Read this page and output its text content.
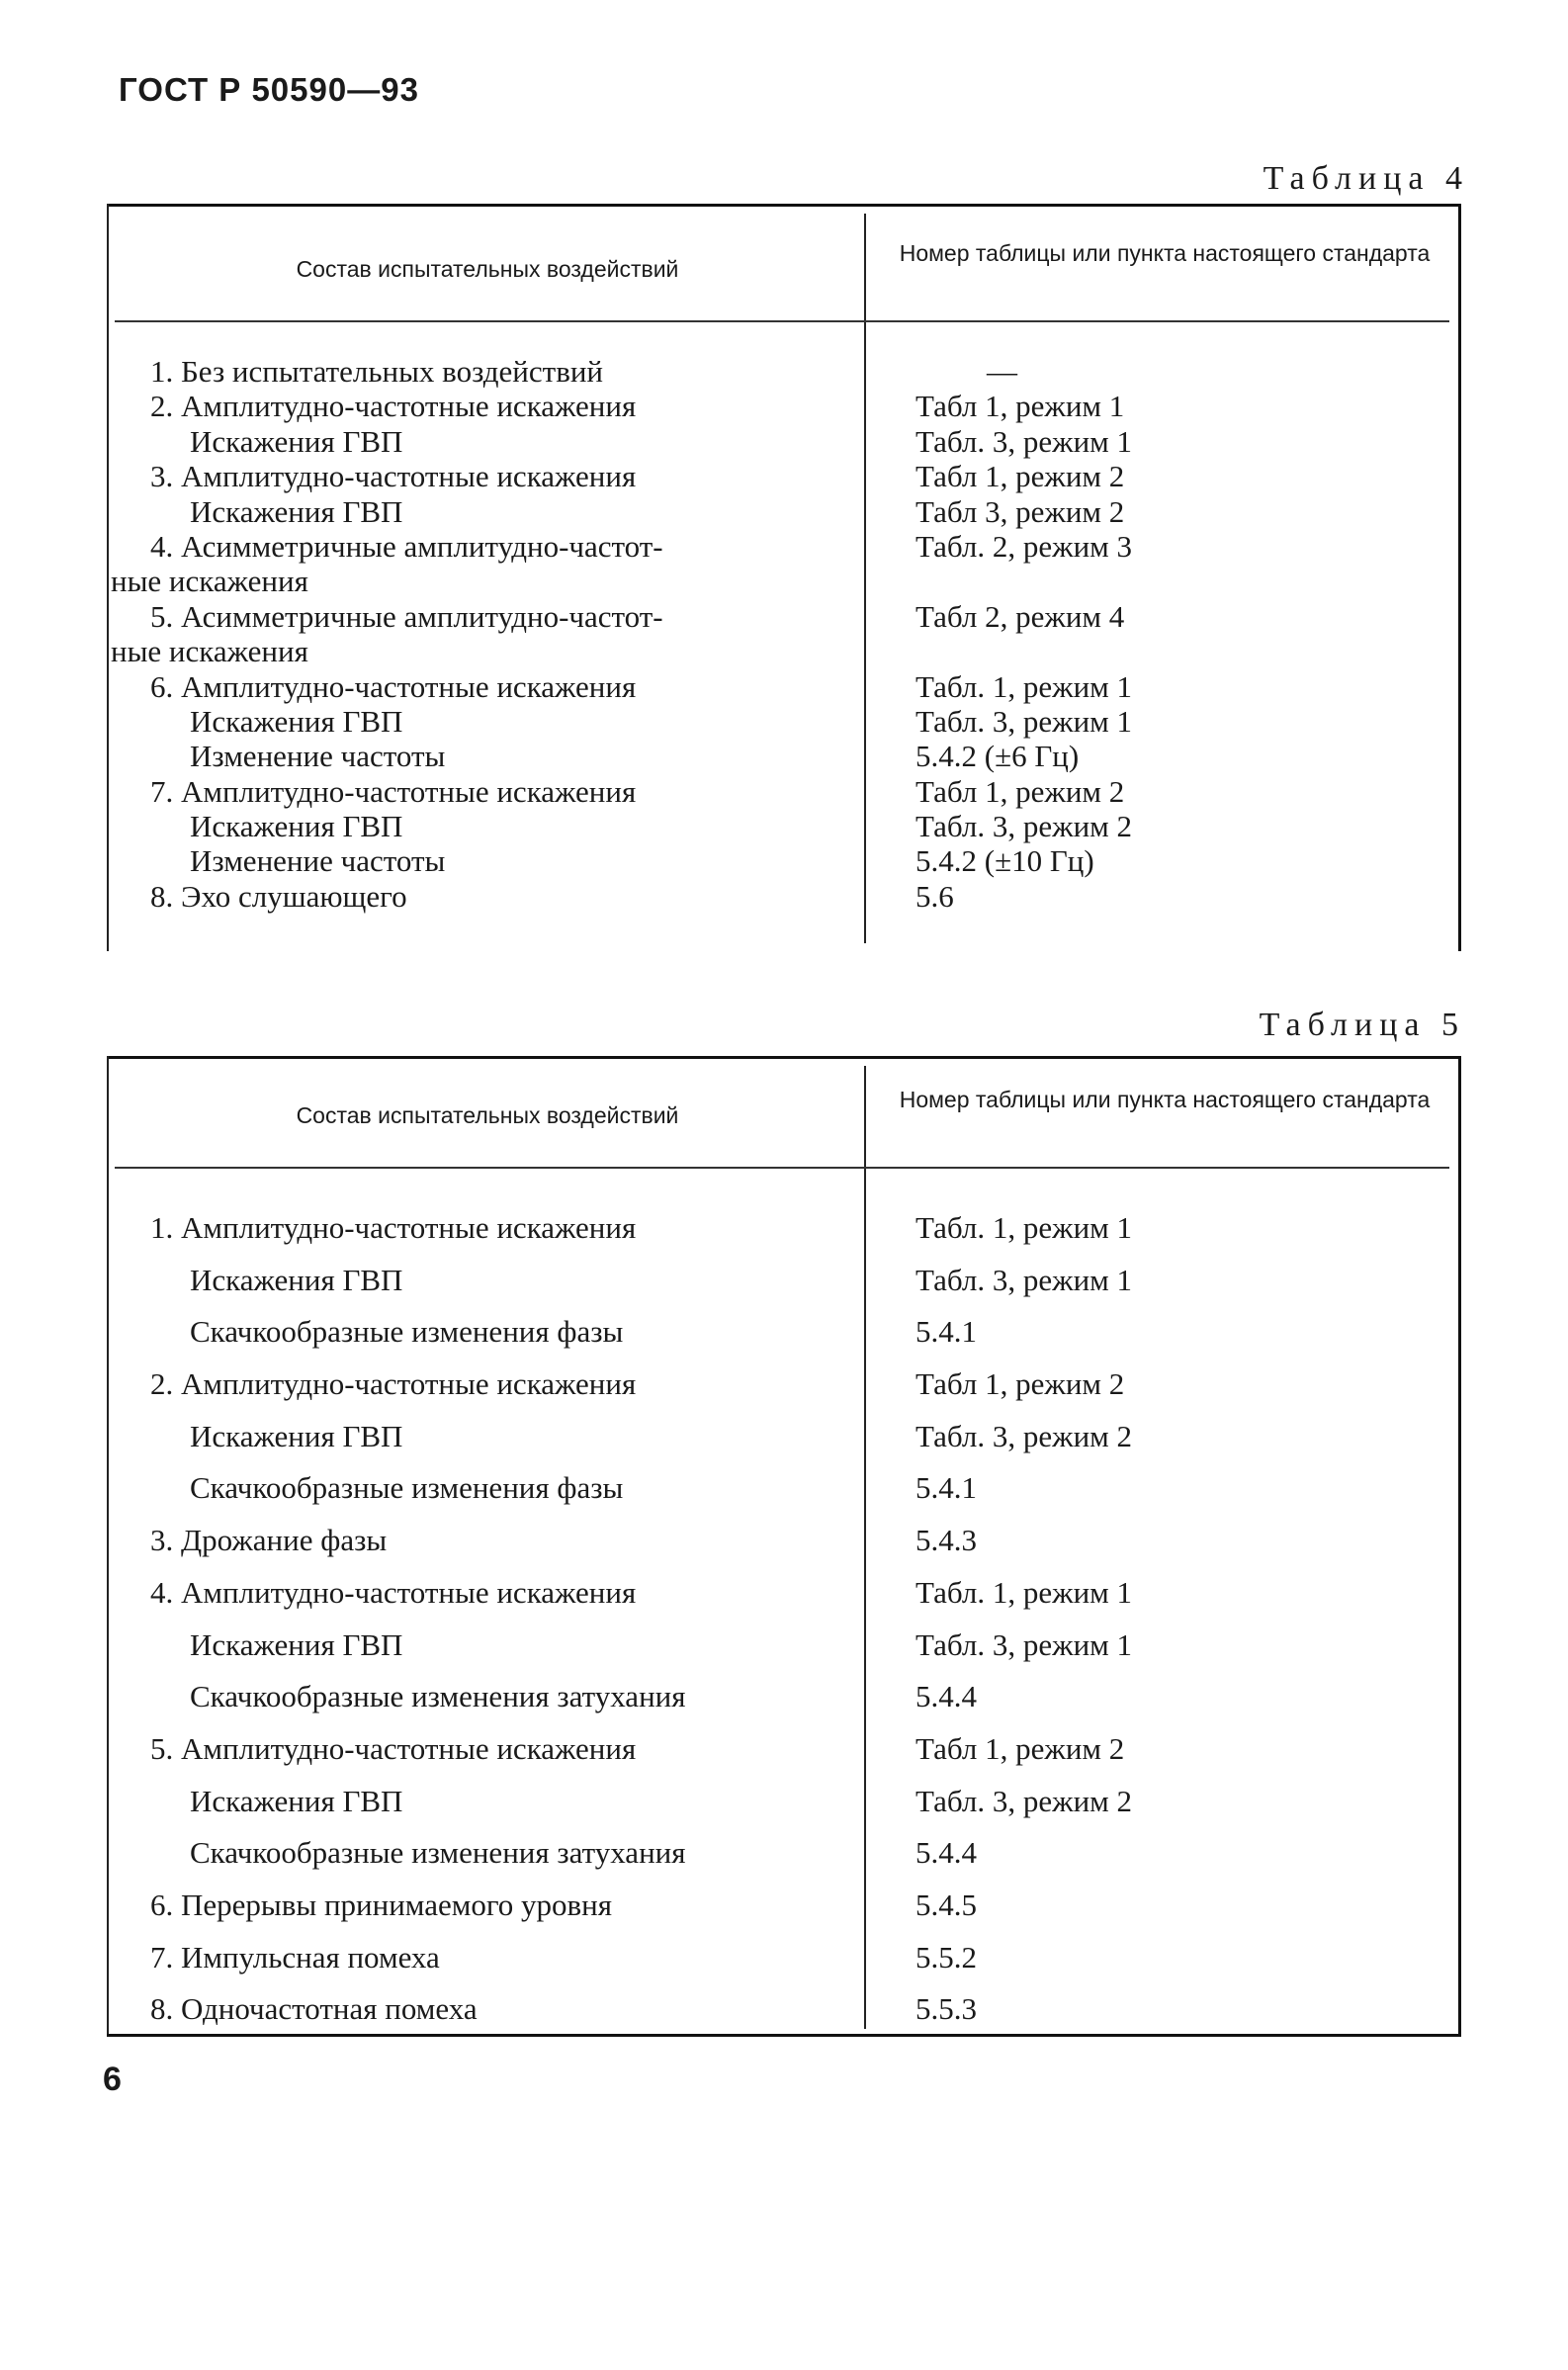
ГОСТ Р 50590—93
Таблица 4
Состав испытательных воздействий
Номер таблицы или пункта настоящего стандарта
1. Без испытательных воздействий	—
2. Амплитудно-частотные искажения	Табл 1, режим 1
Искажения ГВП	Табл. 3, режим 1
3. Амплитудно-частотные искажения	Табл 1, режим 2
Искажения ГВП	Табл 3, режим 2
4. Асимметричные амплитудно-частот-	Табл. 2, режим 3
ные искажения
5. Асимметричные амплитудно-частот-	Табл 2, режим 4
ные искажения
6. Амплитудно-частотные искажения	Табл. 1, режим 1
Искажения ГВП	Табл. 3, режим 1
Изменение частоты	5.4.2 (±6 Гц)
7. Амплитудно-частотные искажения	Табл 1, режим 2
Искажения ГВП	Табл. 3, режим 2
Изменение частоты	5.4.2 (±10 Гц)
8. Эхо слушающего	5.6
Таблица 5
Состав испытательных воздействий
Номер таблицы или пункта настоящего стандарта
1. Амплитудно-частотные искажения	Табл. 1, режим 1
Искажения ГВП	Табл. 3, режим 1
Скачкообразные изменения фазы	5.4.1
2. Амплитудно-частотные искажения	Табл 1, режим 2
Искажения ГВП	Табл. 3, режим 2
Скачкообразные изменения фазы	5.4.1
3. Дрожание фазы	5.4.3
4. Амплитудно-частотные искажения	Табл. 1, режим 1
Искажения ГВП	Табл. 3, режим 1
Скачкообразные изменения затухания	5.4.4
5. Амплитудно-частотные искажения	Табл 1, режим 2
Искажения ГВП	Табл. 3, режим 2
Скачкообразные изменения затухания	5.4.4
6. Перерывы принимаемого уровня	5.4.5
7. Импульсная помеха	5.5.2
8. Одночастотная помеха	5.5.3
6
